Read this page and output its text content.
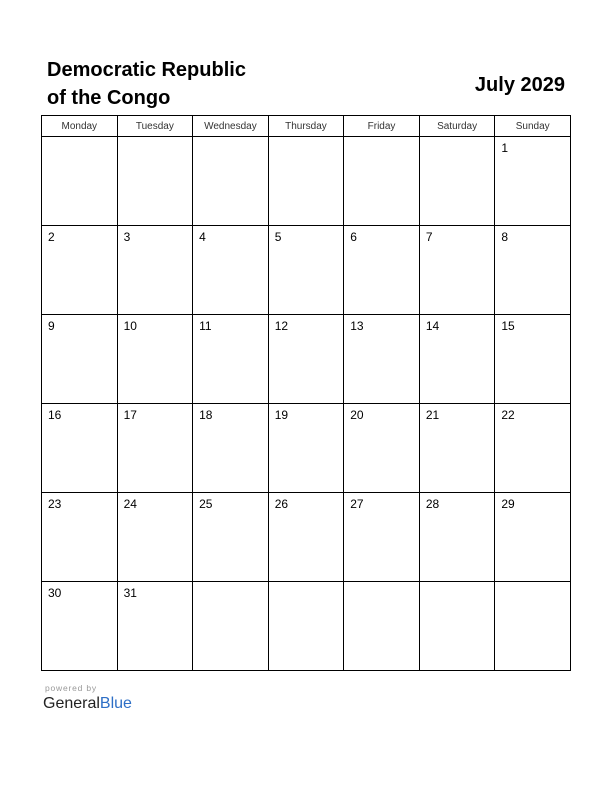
Democratic Republic
of the Congo
July 2029
Monday	Tuesday	Wednesday	Thursday	Friday	Saturday	Sunday

						1

2	3	4	5	6	7	8

9	10	11	12	13	14	15

16	17	18	19	20	21	22

23	24	25	26	27	28	29

30	31					

powered by
GeneralBlue
